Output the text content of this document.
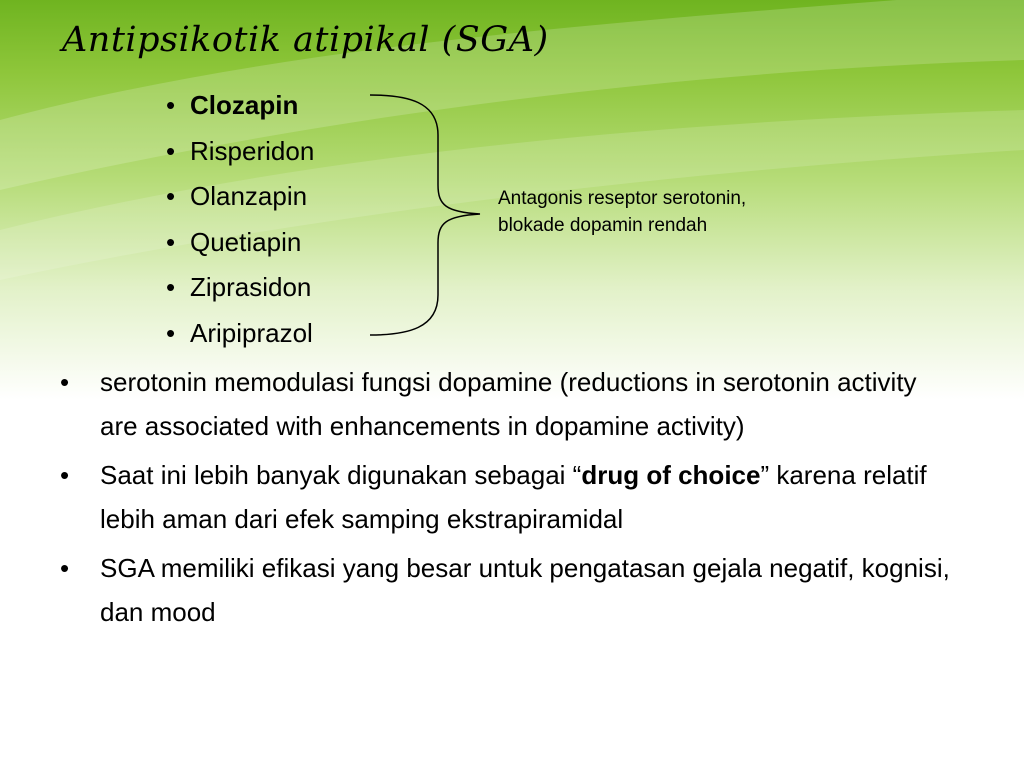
Antipsikotik atipikal (SGA)
• Clozapin
• Risperidon
• Olanzapin
• Quetiapin
• Ziprasidon
• Aripiprazol
Antagonis reseptor serotonin,
blokade dopamin rendah
• serotonin memodulasi fungsi dopamine (reductions in serotonin activity are associated with enhancements in dopamine activity)
• Saat ini lebih banyak digunakan sebagai “drug of choice” karena relatif lebih aman dari efek samping ekstrapiramidal
• SGA memiliki efikasi yang besar untuk pengatasan gejala negatif, kognisi, dan mood
